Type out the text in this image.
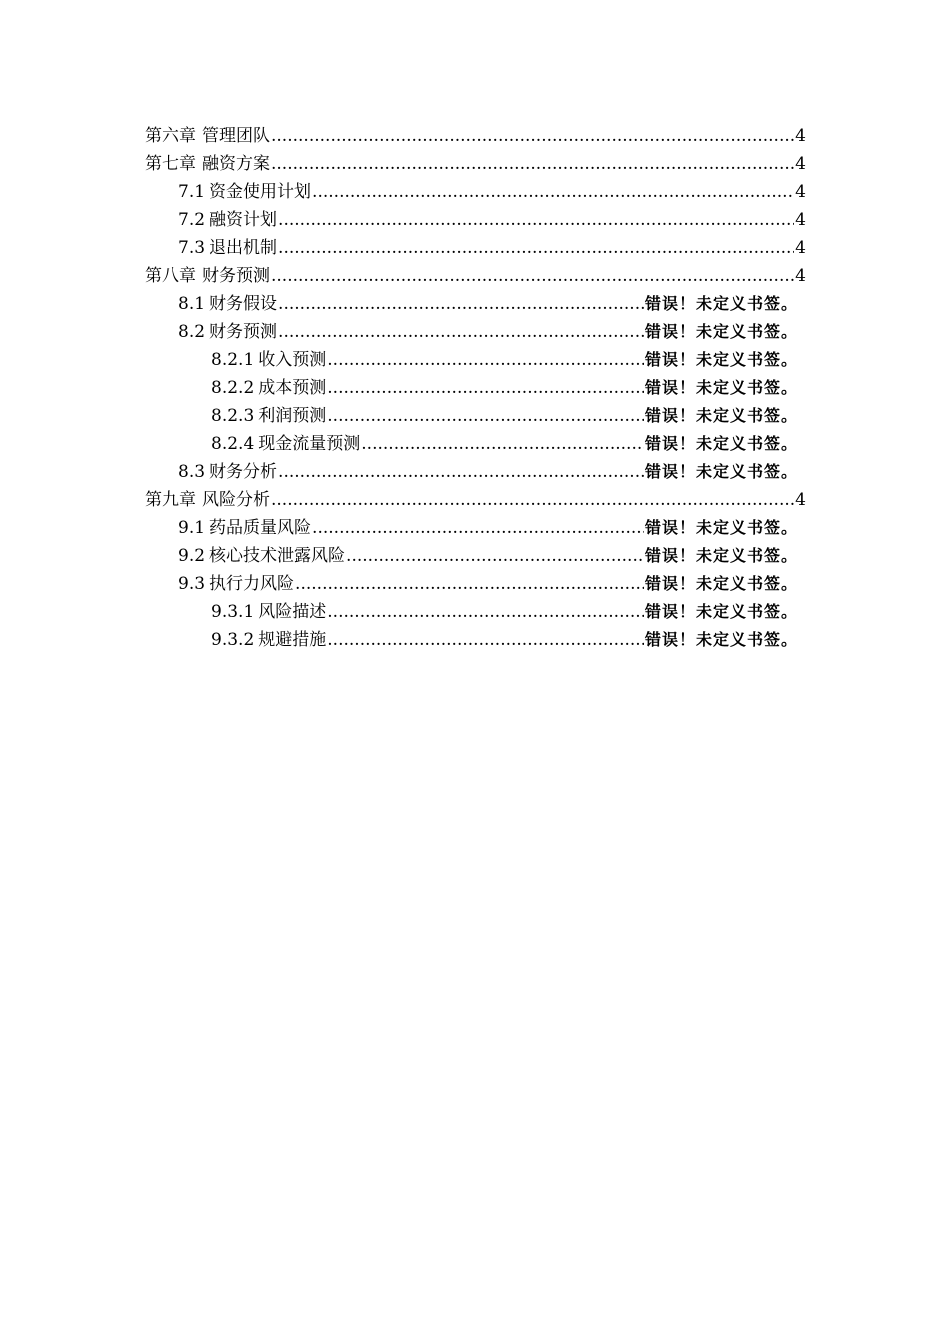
第六章 管理团队 .....	4
第七章 融资方案 .....	4
7.1 资金使用计划 .....	4
7.2 融资计划 .....	4
7.3 退出机制 .....	4
第八章 财务预测 .....	4
8.1 财务假设 .....	错误！未定义书签。
8.2 财务预测 .....	错误！未定义书签。
8.2.1 收入预测 .....	错误！未定义书签。
8.2.2 成本预测 .....	错误！未定义书签。
8.2.3 利润预测 .....	错误！未定义书签。
8.2.4 现金流量预测 .....	错误！未定义书签。
8.3 财务分析 .....	错误！未定义书签。
第九章 风险分析 .....	4
9.1 药品质量风险 .....	错误！未定义书签。
9.2 核心技术泄露风险 .....	错误！未定义书签。
9.3 执行力风险 .....	错误！未定义书签。
9.3.1 风险描述 .....	错误！未定义书签。
9.3.2 规避措施 .....	错误！未定义书签。
